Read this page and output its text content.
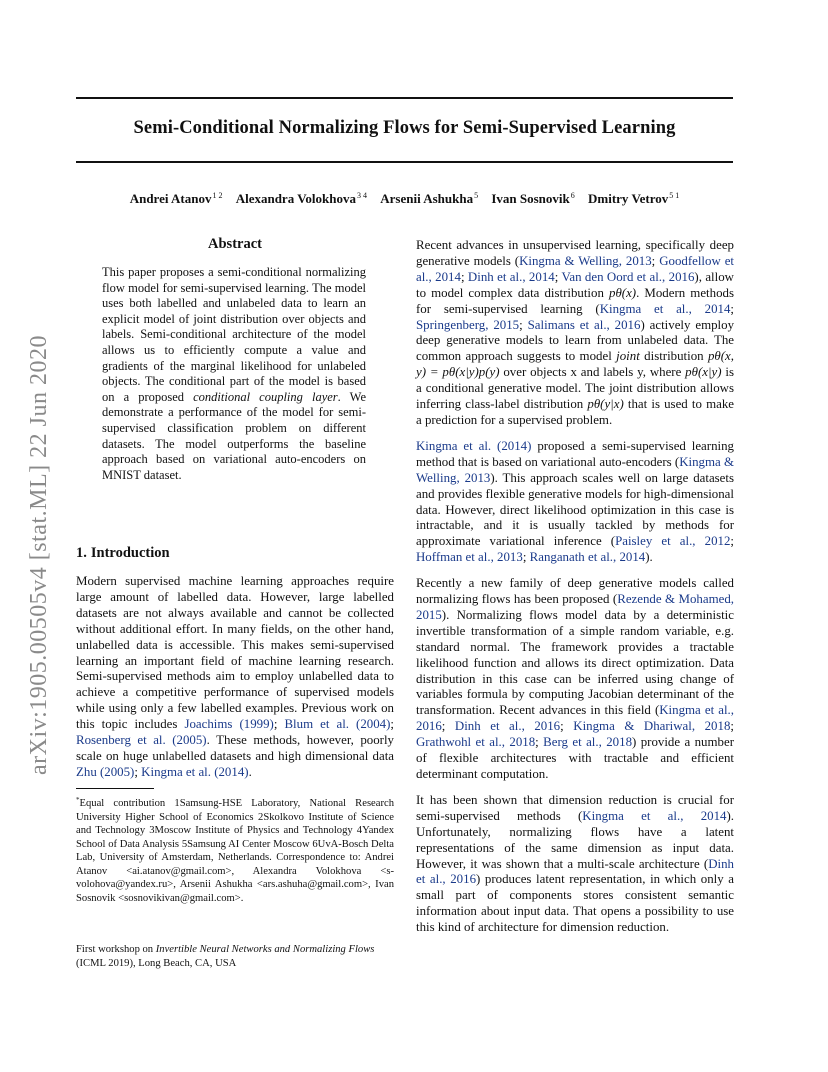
Semi-Conditional Normalizing Flows for Semi-Supervised Learning
Andrei Atanov$^{1 2}$ Alexandra Volokhova$^{3 4}$ Arsenii Ashukha$^5$ Ivan Sosnovik$^6$ Dmitry Vetrov$^{5 1}$
arXiv:1905.00505v4 [stat.ML] 22 Jun 2020
Abstract
This paper proposes a semi-conditional normalizing flow model for semi-supervised learning. The model uses both labelled and unlabeled data to learn an explicit model of joint distribution over objects and labels. Semi-conditional architecture of the model allows us to efficiently compute a value and gradients of the marginal likelihood for unlabeled objects. The conditional part of the model is based on a proposed conditional coupling layer. We demonstrate a performance of the model for semi-supervised classification problem on different datasets. The model outperforms the baseline approach based on variational auto-encoders on MNIST dataset.
1. Introduction
Modern supervised machine learning approaches require large amount of labelled data. However, large labelled datasets are not always available and cannot be collected without additional effort. In many fields, on the other hand, unlabelled data is accessible. This makes semi-supervised learning an important field of machine learning research. Semi-supervised methods aim to employ unlabelled data to achieve a competitive performance of supervised models while using only a few labelled examples. Previous work on this topic includes Joachims (1999); Blum et al. (2004); Rosenberg et al. (2005). These methods, however, poorly scale on huge unlabelled datasets and high dimensional data Zhu (2005); Kingma et al. (2014).
*Equal contribution 1Samsung-HSE Laboratory, National Research University Higher School of Economics 2Skolkovo Institute of Science and Technology 3Moscow Institute of Physics and Technology 4Yandex School of Data Analysis 5Samsung AI Center Moscow 6UvA-Bosch Delta Lab, University of Amsterdam, Netherlands. Correspondence to: Andrei Atanov <ai.atanov@gmail.com>, Alexandra Volokhova <s-volohova@yandex.ru>, Arsenii Ashukha <ars.ashuha@gmail.com>, Ivan Sosnovik <sosnovikivan@gmail.com>.
First workshop on Invertible Neural Networks and Normalizing Flows (ICML 2019), Long Beach, CA, USA

Recent advances in unsupervised learning, specifically deep generative models (Kingma & Welling, 2013; Goodfellow et al., 2014; Dinh et al., 2014; Van den Oord et al., 2016), allow to model complex data distribution pθ(x). Modern methods for semi-supervised learning (Kingma et al., 2014; Springenberg, 2015; Salimans et al., 2016) actively employ deep generative models to learn from unlabeled data. The common approach suggests to model joint distribution pθ(x, y) = pθ(x|y)p(y) over objects x and labels y, where pθ(x|y) is a conditional generative model. The joint distribution allows inferring class-label distribution pθ(y|x) that is used to make a prediction for a supervised problem.

Kingma et al. (2014) proposed a semi-supervised learning method that is based on variational auto-encoders (Kingma & Welling, 2013). This approach scales well on large datasets and provides flexible generative models for high-dimensional data. However, direct likelihood optimization in this case is intractable, and it is usually tackled by methods for approximate variational inference (Paisley et al., 2012; Hoffman et al., 2013; Ranganath et al., 2014).

Recently a new family of deep generative models called normalizing flows has been proposed (Rezende & Mohamed, 2015). Normalizing flows model data by a deterministic invertible transformation of a simple random variable, e.g. standard normal. The framework provides a tractable likelihood function and allows its direct optimization. Data distribution in this case can be inferred using change of variables formula by computing Jacobian determinant of the transformation. Recent advances in this field (Kingma et al., 2016; Dinh et al., 2016; Kingma & Dhariwal, 2018; Grathwohl et al., 2018; Berg et al., 2018) provide a number of flexible architectures with tractable and efficient determinant computation.

It has been shown that dimension reduction is crucial for semi-supervised methods (Kingma et al., 2014). Unfortunately, normalizing flows have a latent representations of the same dimension as input data. However, it was shown that a multi-scale architecture (Dinh et al., 2016) produces latent representation, in which only a small part of components stores consistent semantic information about input data. That opens a possibility to use this kind of architecture for dimension reduction.
